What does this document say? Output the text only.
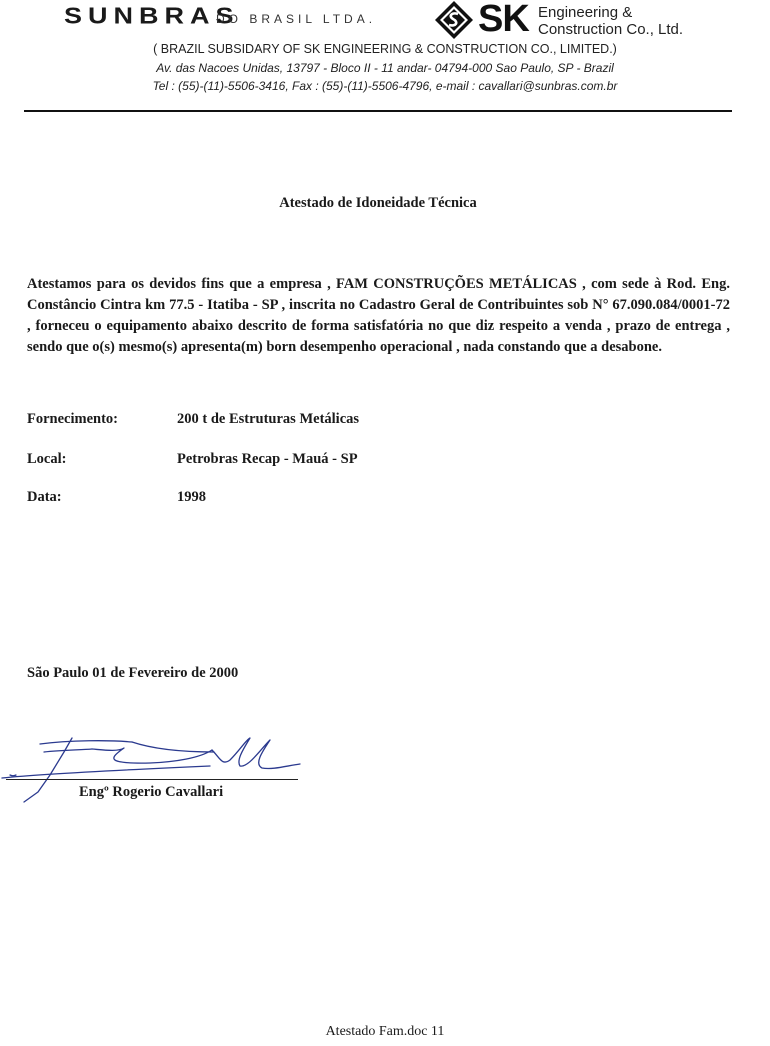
SUNBRAS
DO BRASIL LTDA.	SK Engineering &
Construction Co., Ltd.
( BRAZIL SUBSIDARY OF SK ENGINEERING & CONSTRUCTION CO., LIMITED.)
Av. das Nacoes Unidas, 13797 - Bloco II - 11 andar- 04794-000 Sao Paulo, SP - Brazil
Tel : (55)-(11)-5506-3416, Fax : (55)-(11)-5506-4796, e-mail : cavallari@sunbras.com.br
Atestado de Idoneidade Técnica
Atestamos para os devidos fins que a empresa , FAM CONSTRUÇÕES METÁLICAS , com sede à Rod. Eng. Constâncio Cintra km 77.5 - Itatiba - SP , inscrita no Cadastro Geral de Contribuintes sob N° 67.090.084/0001-72 , forneceu o equipamento abaixo descrito de forma satisfatória no que diz respeito a venda , prazo de entrega , sendo que o(s) mesmo(s) apresenta(m) born desempenho operacional , nada constando que a desabone.
Fornecimento:	200 t de Estruturas Metálicas
Local:	Petrobras Recap - Mauá - SP
Data:	1998
São Paulo 01 de Fevereiro de 2000
Engº Rogerio Cavallari
Atestado Fam.doc 11
